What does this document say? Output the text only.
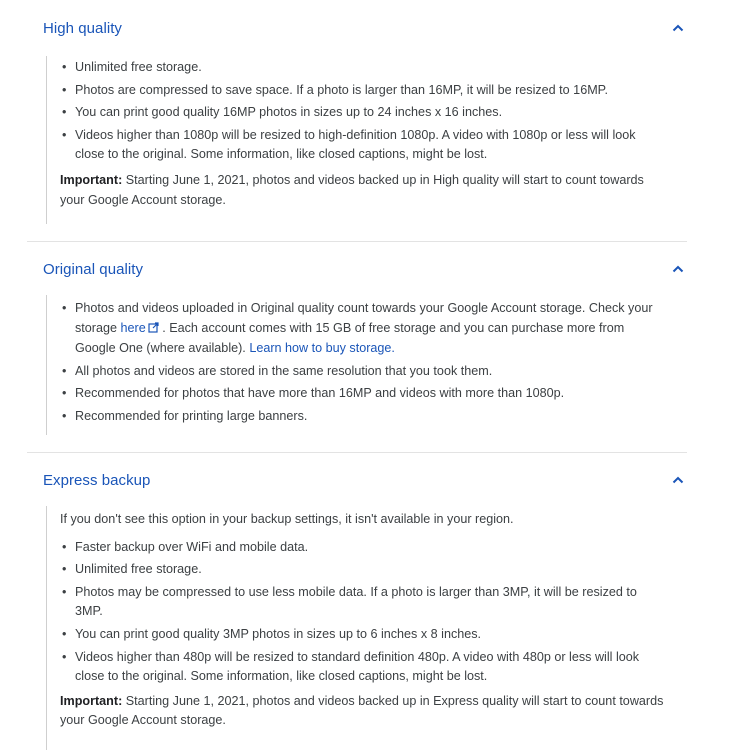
High quality
• Unlimited free storage.
• Photos are compressed to save space. If a photo is larger than 16MP, it will be resized to 16MP.
• You can print good quality 16MP photos in sizes up to 24 inches x 16 inches.
• Videos higher than 1080p will be resized to high-definition 1080p. A video with 1080p or less will look close to the original. Some information, like closed captions, might be lost.
Important: Starting June 1, 2021, photos and videos backed up in High quality will start to count towards your Google Account storage.
Original quality
• Photos and videos uploaded in Original quality count towards your Google Account storage. Check your storage here . Each account comes with 15 GB of free storage and you can purchase more from Google One (where available). Learn how to buy storage.
• All photos and videos are stored in the same resolution that you took them.
• Recommended for photos that have more than 16MP and videos with more than 1080p.
• Recommended for printing large banners.
Express backup
If you don't see this option in your backup settings, it isn't available in your region.
• Faster backup over WiFi and mobile data.
• Unlimited free storage.
• Photos may be compressed to use less mobile data. If a photo is larger than 3MP, it will be resized to 3MP.
• You can print good quality 3MP photos in sizes up to 6 inches x 8 inches.
• Videos higher than 480p will be resized to standard definition 480p. A video with 480p or less will look close to the original. Some information, like closed captions, might be lost.
Important: Starting June 1, 2021, photos and videos backed up in Express quality will start to count towards your Google Account storage.
